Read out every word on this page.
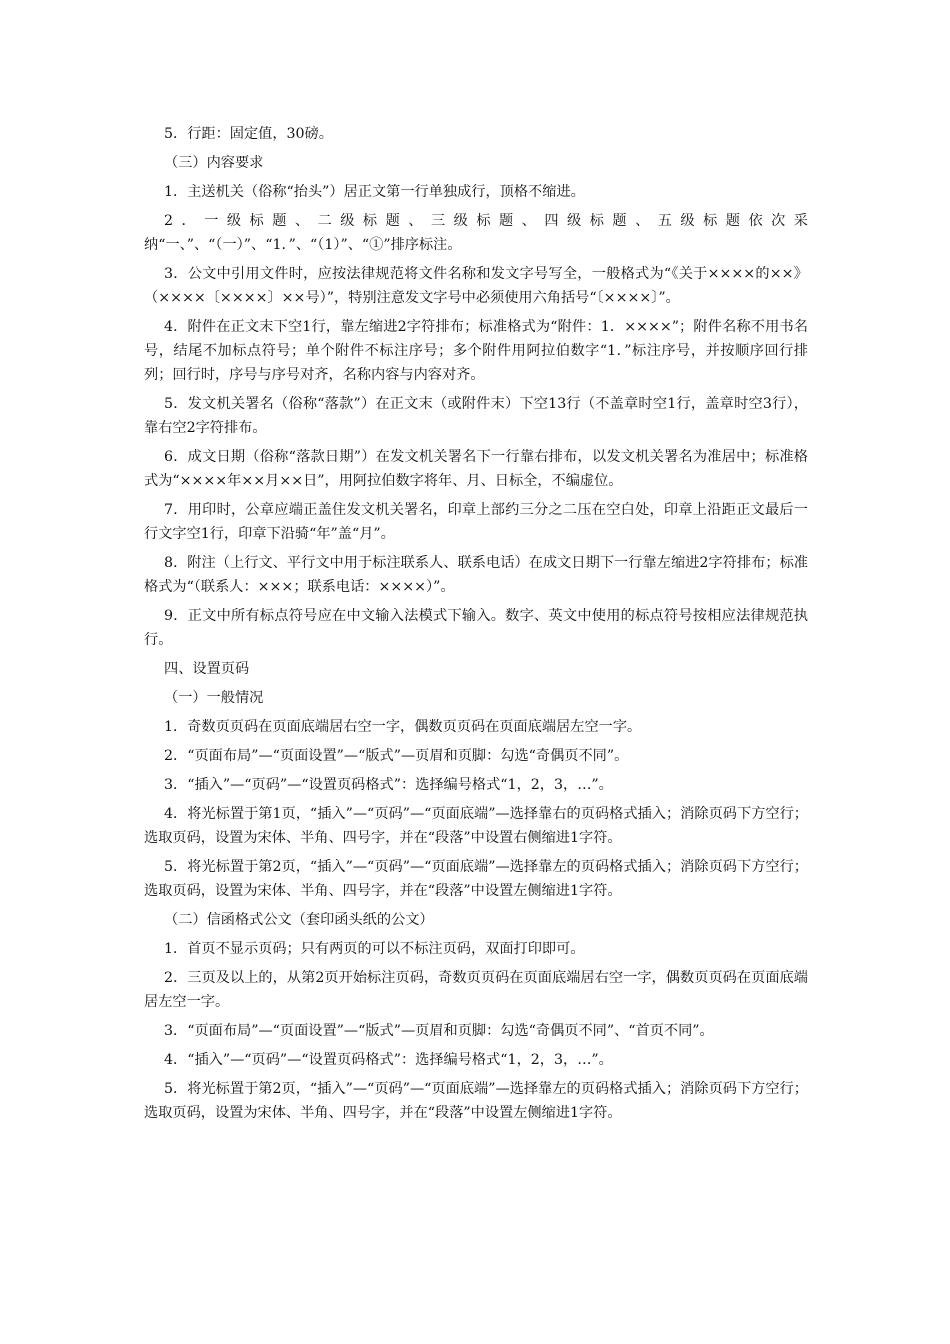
5．行距：固定值，30磅。

（三）内容要求

1．主送机关（俗称“抬头”）居正文第一行单独成行，顶格不缩进。

2．一级标题、二级标题、三级标题、四级标题、五级标题依次采纳“一、”、“（一）”、“1．”、“（1）”、“①”排序标注。

3．公文中引用文件时，应按法律规范将文件名称和发文字号写全，一般格式为“《关于××××的××》（××××〔××××〕××号）”，特别注意发文字号中必须使用六角括号“〔××××〕”。

4．附件在正文末下空1行，靠左缩进2字符排布；标准格式为“附件：1．××××”；附件名称不用书名号，结尾不加标点符号；单个附件不标注序号；多个附件用阿拉伯数字“1．”标注序号，并按顺序回行排列；回行时，序号与序号对齐，名称内容与内容对齐。

5．发文机关署名（俗称“落款”）在正文末（或附件末）下空13行（不盖章时空1行，盖章时空3行），靠右空2字符排布。

6．成文日期（俗称“落款日期”）在发文机关署名下一行靠右排布，以发文机关署名为准居中；标准格式为“××××年××月××日”，用阿拉伯数字将年、月、日标全，不编虚位。

7．用印时，公章应端正盖住发文机关署名，印章上部约三分之二压在空白处，印章上沿距正文最后一行文字空1行，印章下沿骑“年”盖“月”。

8．附注（上行文、平行文中用于标注联系人、联系电话）在成文日期下一行靠左缩进2字符排布；标准格式为“（联系人：×××；联系电话：××××）”。

9．正文中所有标点符号应在中文输入法模式下输入。数字、英文中使用的标点符号按相应法律规范执行。

四、设置页码

（一）一般情况

1．奇数页页码在页面底端居右空一字，偶数页页码在页面底端居左空一字。

2．“页面布局”—“页面设置”—“版式”—页眉和页脚：勾选“奇偶页不同”。

3．“插入”—“页码”—“设置页码格式”：选择编号格式“1，2，3，…”。

4．将光标置于第1页，“插入”—“页码”—“页面底端”—选择靠右的页码格式插入；消除页码下方空行；选取页码，设置为宋体、半角、四号字，并在“段落”中设置右侧缩进1字符。

5．将光标置于第2页，“插入”—“页码”—“页面底端”—选择靠左的页码格式插入；消除页码下方空行；选取页码，设置为宋体、半角、四号字，并在“段落”中设置左侧缩进1字符。

（二）信函格式公文（套印函头纸的公文）

1．首页不显示页码；只有两页的可以不标注页码，双面打印即可。

2．三页及以上的，从第2页开始标注页码，奇数页页码在页面底端居右空一字，偶数页页码在页面底端居左空一字。

3．“页面布局”—“页面设置”—“版式”—页眉和页脚：勾选“奇偶页不同”、“首页不同”。

4．“插入”—“页码”—“设置页码格式”：选择编号格式“1，2，3，…”。

5．将光标置于第2页，“插入”—“页码”—“页面底端”—选择靠左的页码格式插入；消除页码下方空行；选取页码，设置为宋体、半角、四号字，并在“段落”中设置左侧缩进1字符。
